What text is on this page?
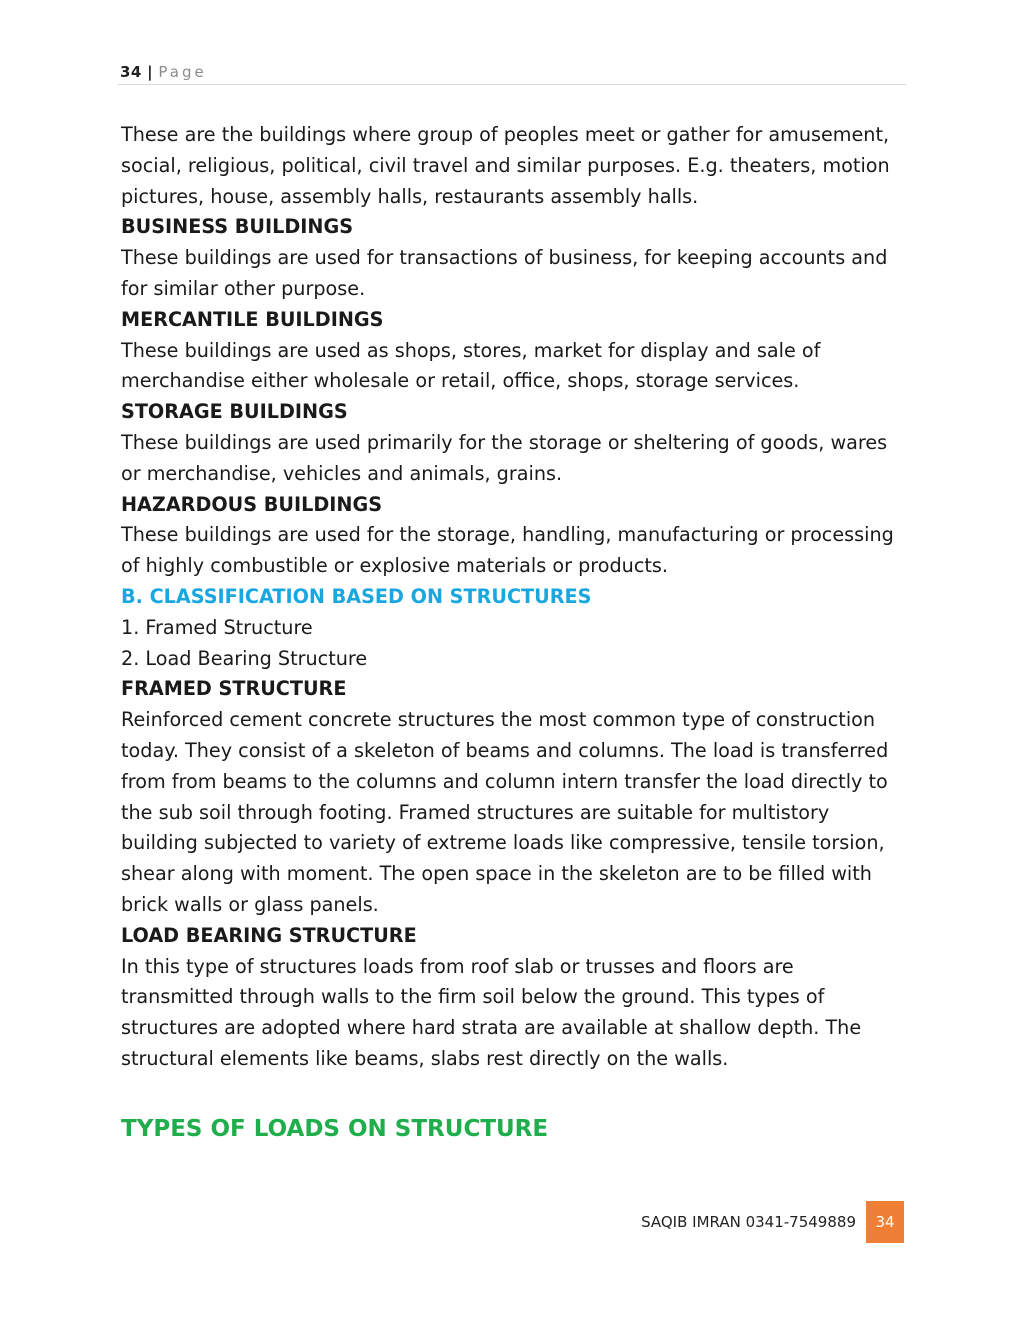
34 | Page

These are the buildings where group of peoples meet or gather for amusement, social, religious, political, civil travel and similar purposes. E.g. theaters, motion pictures, house, assembly halls, restaurants assembly halls.

BUSINESS BUILDINGS

These buildings are used for transactions of business, for keeping accounts and for similar other purpose.

MERCANTILE BUILDINGS

These buildings are used as shops, stores, market for display and sale of merchandise either wholesale or retail, office, shops, storage services.

STORAGE BUILDINGS

These buildings are used primarily for the storage or sheltering of goods, wares or merchandise, vehicles and animals, grains.

HAZARDOUS BUILDINGS

These buildings are used for the storage, handling, manufacturing or processing of highly combustible or explosive materials or products.

B. CLASSIFICATION BASED ON STRUCTURES

1. Framed Structure

2. Load Bearing Structure

FRAMED STRUCTURE

Reinforced cement concrete structures the most common type of construction today. They consist of a skeleton of beams and columns. The load is transferred from from beams to the columns and column intern transfer the load directly to the sub soil through footing. Framed structures are suitable for multistory building subjected to variety of extreme loads like compressive, tensile torsion, shear along with moment. The open space in the skeleton are to be filled with brick walls or glass panels.

LOAD BEARING STRUCTURE

In this type of structures loads from roof slab or trusses and floors are transmitted through walls to the firm soil below the ground. This types of structures are adopted where hard strata are available at shallow depth. The structural elements like beams, slabs rest directly on the walls.

TYPES OF LOADS ON STRUCTURE
SAQIB IMRAN 0341-7549889	34
